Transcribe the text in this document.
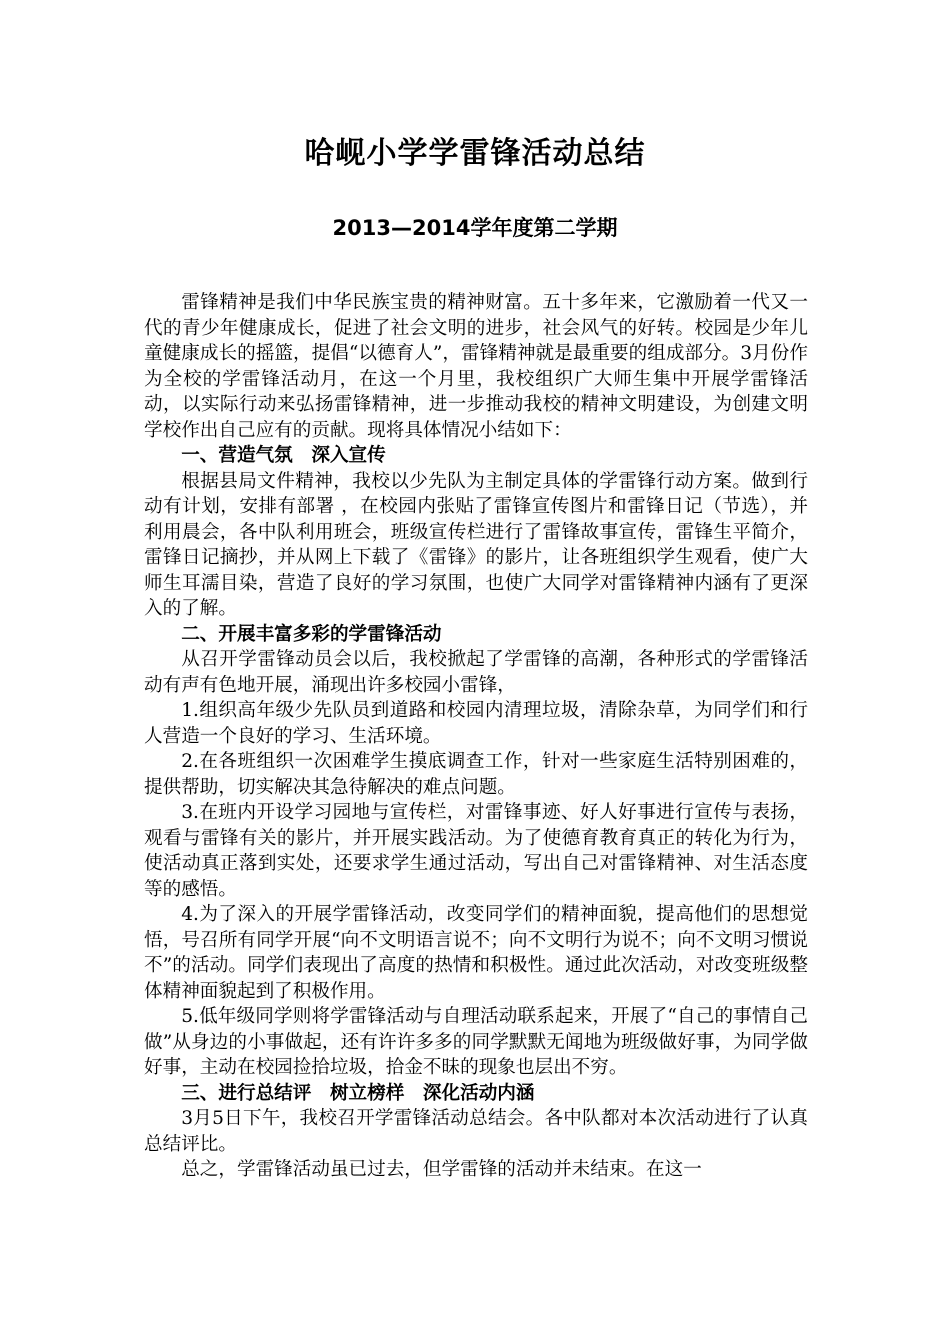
哈岘小学学雷锋活动总结
2013—2014学年度第二学期

雷锋精神是我们中华民族宝贵的精神财富。五十多年来，它激励着一代又一代的青少年健康成长，促进了社会文明的进步，社会风气的好转。校园是少年儿童健康成长的摇篮，提倡“以德育人”，雷锋精神就是最重要的组成部分。3月份作为全校的学雷锋活动月，在这一个月里，我校组织广大师生集中开展学雷锋活动，以实际行动来弘扬雷锋精神，进一步推动我校的精神文明建设，为创建文明学校作出自己应有的贡献。现将具体情况小结如下：

一、营造气氛　深入宣传

根据县局文件精神，我校以少先队为主制定具体的学雷锋行动方案。做到行动有计划，安排有部署 ，在校园内张贴了雷锋宣传图片和雷锋日记（节选），并利用晨会，各中队利用班会，班级宣传栏进行了雷锋故事宣传，雷锋生平简介，雷锋日记摘抄，并从网上下载了《雷锋》的影片，让各班组织学生观看，使广大师生耳濡目染，营造了良好的学习氛围，也使广大同学对雷锋精神内涵有了更深入的了解。

二、开展丰富多彩的学雷锋活动

从召开学雷锋动员会以后，我校掀起了学雷锋的高潮，各种形式的学雷锋活动有声有色地开展，涌现出许多校园小雷锋，

1.组织高年级少先队员到道路和校园内清理垃圾，清除杂草，为同学们和行人营造一个良好的学习、生活环境。

2.在各班组织一次困难学生摸底调查工作，针对一些家庭生活特别困难的，提供帮助，切实解决其急待解决的难点问题。

3.在班内开设学习园地与宣传栏，对雷锋事迹、好人好事进行宣传与表扬，观看与雷锋有关的影片，并开展实践活动。为了使德育教育真正的转化为行为，使活动真正落到实处，还要求学生通过活动，写出自己对雷锋精神、对生活态度等的感悟。

4.为了深入的开展学雷锋活动，改变同学们的精神面貌，提高他们的思想觉悟，号召所有同学开展“向不文明语言说不；向不文明行为说不；向不文明习惯说不”的活动。同学们表现出了高度的热情和积极性。通过此次活动，对改变班级整体精神面貌起到了积极作用。

5.低年级同学则将学雷锋活动与自理活动联系起来，开展了“自己的事情自己做”从身边的小事做起，还有许许多多的同学默默无闻地为班级做好事，为同学做好事，主动在校园捡拾垃圾，拾金不昧的现象也层出不穷。

三、进行总结评　树立榜样　深化活动内涵

3月5日下午，我校召开学雷锋活动总结会。各中队都对本次活动进行了认真总结评比。

总之，学雷锋活动虽已过去，但学雷锋的活动并未结束。在这一
